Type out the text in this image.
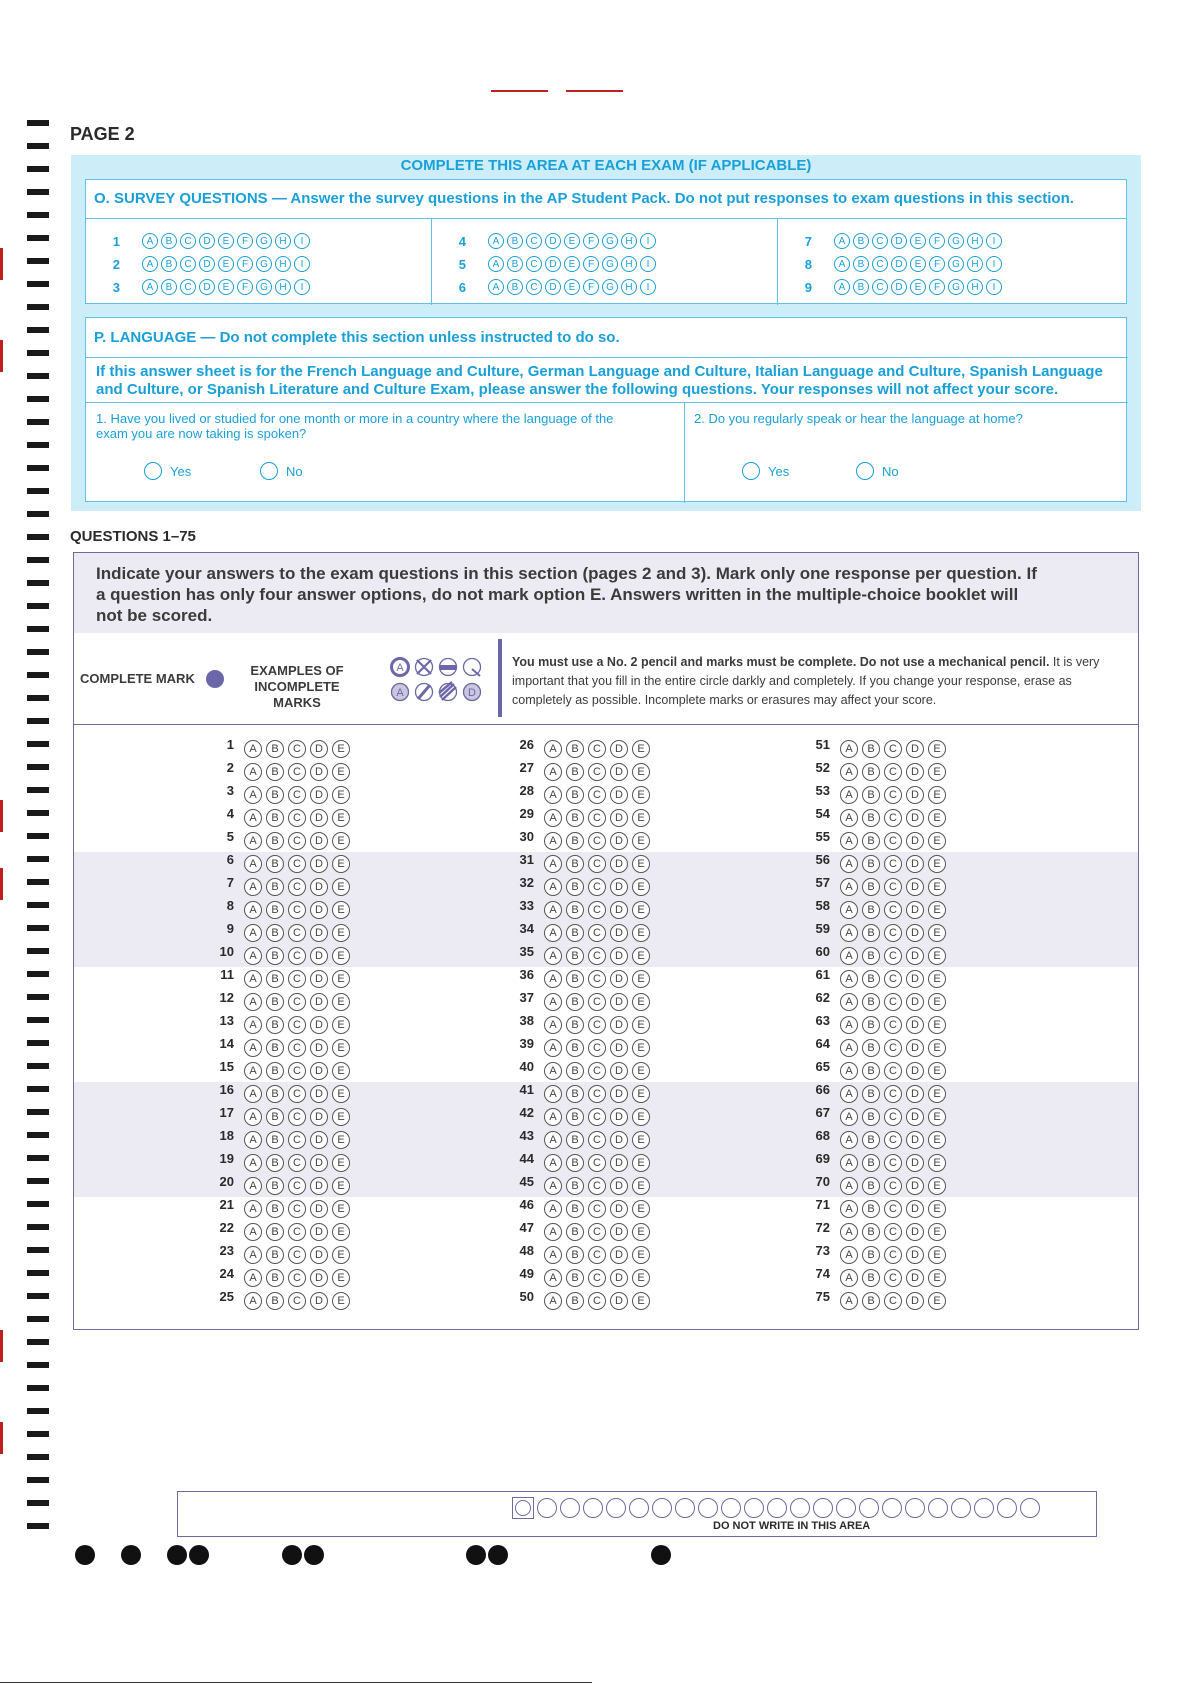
PAGE 2
COMPLETE THIS AREA AT EACH EXAM (IF APPLICABLE)
O. SURVEY QUESTIONS — Answer the survey questions in the AP Student Pack. Do not put responses to exam questions in this section.
1	A	B	C	D	E	F	G	H	I
2	A	B	C	D	E	F	G	H	I
3	A	B	C	D	E	F	G	H	I
4	A	B	C	D	E	F	G	H	I
5	A	B	C	D	E	F	G	H	I
6	A	B	C	D	E	F	G	H	I
7	A	B	C	D	E	F	G	H	I
8	A	B	C	D	E	F	G	H	I
9	A	B	C	D	E	F	G	H	I
P. LANGUAGE — Do not complete this section unless instructed to do so.
If this answer sheet is for the French Language and Culture, German Language and Culture, Italian Language and Culture, Spanish Language and Culture, or Spanish Literature and Culture Exam, please answer the following questions. Your responses will not affect your score.
1. Have you lived or studied for one month or more in a country where the language of the exam you are now taking is spoken?
Yes	No
2. Do you regularly speak or hear the language at home?
Yes	No
QUESTIONS 1–75
Indicate your answers to the exam questions in this section (pages 2 and 3). Mark only one response per question. If a question has only four answer options, do not mark option E. Answers written in the multiple-choice booklet will not be scored.
COMPLETE MARK
EXAMPLES OF INCOMPLETE MARKS
A
A	D
You must use a No. 2 pencil and marks must be complete. Do not use a mechanical pencil. It is very important that you fill in the entire circle darkly and completely. If you change your response, erase as completely as possible. Incomplete marks or erasures may affect your score.
1	A	B	C	D	E
2	A	B	C	D	E
3	A	B	C	D	E
4	A	B	C	D	E
5	A	B	C	D	E
6	A	B	C	D	E
7	A	B	C	D	E
8	A	B	C	D	E
9	A	B	C	D	E
10	A	B	C	D	E
11	A	B	C	D	E
12	A	B	C	D	E
13	A	B	C	D	E
14	A	B	C	D	E
15	A	B	C	D	E
16	A	B	C	D	E
17	A	B	C	D	E
18	A	B	C	D	E
19	A	B	C	D	E
20	A	B	C	D	E
21	A	B	C	D	E
22	A	B	C	D	E
23	A	B	C	D	E
24	A	B	C	D	E
25	A	B	C	D	E
26	A	B	C	D	E
27	A	B	C	D	E
28	A	B	C	D	E
29	A	B	C	D	E
30	A	B	C	D	E
31	A	B	C	D	E
32	A	B	C	D	E
33	A	B	C	D	E
34	A	B	C	D	E
35	A	B	C	D	E
36	A	B	C	D	E
37	A	B	C	D	E
38	A	B	C	D	E
39	A	B	C	D	E
40	A	B	C	D	E
41	A	B	C	D	E
42	A	B	C	D	E
43	A	B	C	D	E
44	A	B	C	D	E
45	A	B	C	D	E
46	A	B	C	D	E
47	A	B	C	D	E
48	A	B	C	D	E
49	A	B	C	D	E
50	A	B	C	D	E
51	A	B	C	D	E
52	A	B	C	D	E
53	A	B	C	D	E
54	A	B	C	D	E
55	A	B	C	D	E
56	A	B	C	D	E
57	A	B	C	D	E
58	A	B	C	D	E
59	A	B	C	D	E
60	A	B	C	D	E
61	A	B	C	D	E
62	A	B	C	D	E
63	A	B	C	D	E
64	A	B	C	D	E
65	A	B	C	D	E
66	A	B	C	D	E
67	A	B	C	D	E
68	A	B	C	D	E
69	A	B	C	D	E
70	A	B	C	D	E
71	A	B	C	D	E
72	A	B	C	D	E
73	A	B	C	D	E
74	A	B	C	D	E
75	A	B	C	D	E
DO NOT WRITE IN THIS AREA
